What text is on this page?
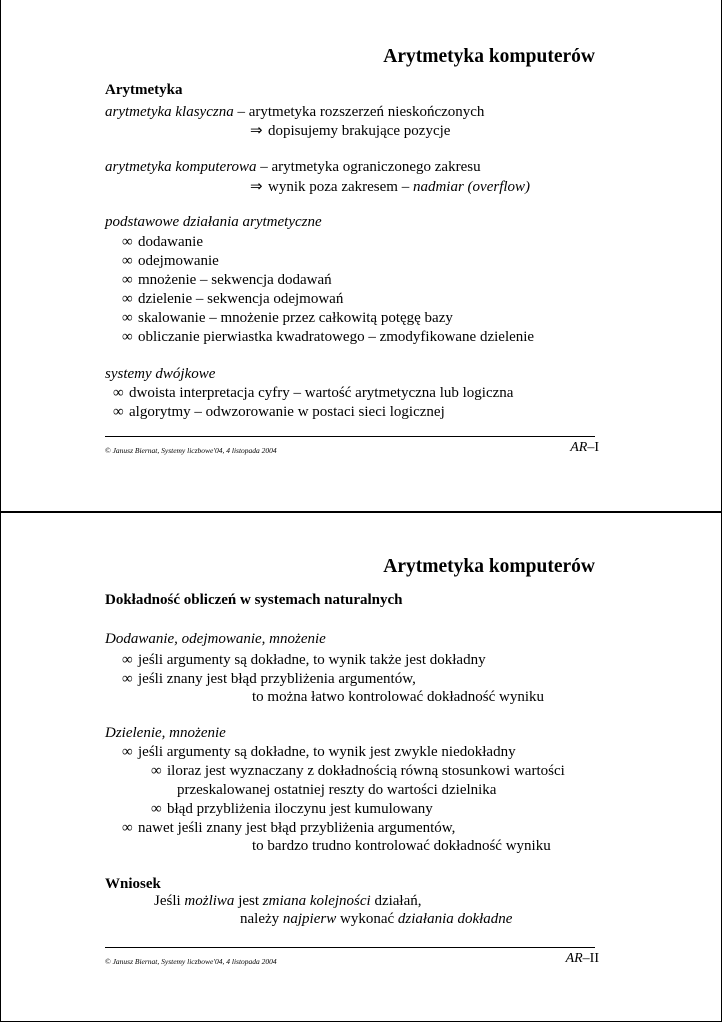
Arytmetyka komputerów
Arytmetyka
arytmetyka klasyczna – arytmetyka rozszerzeń nieskończonych
⇒ dopisujemy brakujące pozycje
arytmetyka komputerowa – arytmetyka ograniczonego zakresu
⇒ wynik poza zakresem – nadmiar (overflow)
podstawowe działania arytmetyczne
∞ dodawanie
∞ odejmowanie
∞ mnożenie – sekwencja dodawań
∞ dzielenie – sekwencja odejmowań
∞ skalowanie – mnożenie przez całkowitą potęgę bazy
∞ obliczanie pierwiastka kwadratowego – zmodyfikowane dzielenie
systemy dwójkowe
∞ dwoista interpretacja cyfry – wartość arytmetyczna lub logiczna
∞ algorytmy – odwzorowanie w postaci sieci logicznej
© Janusz Biernat, Systemy liczbowe'04, 4 listopada 2004	AR–I
Arytmetyka komputerów
Dokładność obliczeń w systemach naturalnych
Dodawanie, odejmowanie, mnożenie
∞ jeśli argumenty są dokładne, to wynik także jest dokładny
∞ jeśli znany jest błąd przybliżenia argumentów,
to można łatwo kontrolować dokładność wyniku
Dzielenie, mnożenie
∞ jeśli argumenty są dokładne, to wynik jest zwykle niedokładny
∞ iloraz jest wyznaczany z dokładnością równą stosunkowi wartości
przeskalowanej ostatniej reszty do wartości dzielnika
∞ błąd przybliżenia iloczynu jest kumulowany
∞ nawet jeśli znany jest błąd przybliżenia argumentów,
to bardzo trudno kontrolować dokładność wyniku
Wniosek
Jeśli możliwa jest zmiana kolejności działań,
należy najpierw wykonać działania dokładne
© Janusz Biernat, Systemy liczbowe'04, 4 listopada 2004	AR–II
